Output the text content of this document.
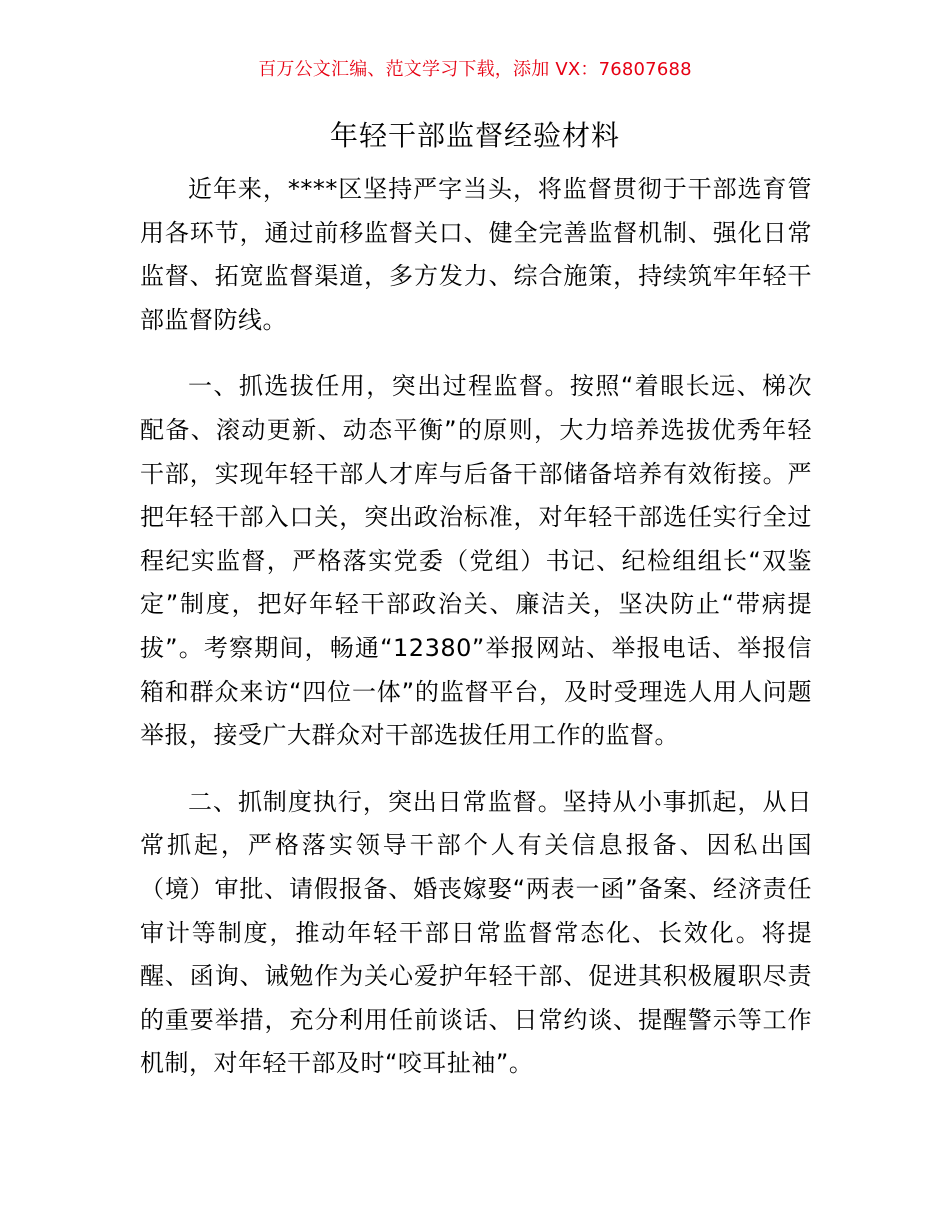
百万公文汇编、范文学习下载，添加 VX：76807688
年轻干部监督经验材料

近年来，****区坚持严字当头，将监督贯彻于干部选育管用各环节，通过前移监督关口、健全完善监督机制、强化日常监督、拓宽监督渠道，多方发力、综合施策，持续筑牢年轻干部监督防线。

一、抓选拔任用，突出过程监督。按照“着眼长远、梯次配备、滚动更新、动态平衡”的原则，大力培养选拔优秀年轻干部，实现年轻干部人才库与后备干部储备培养有效衔接。严把年轻干部入口关，突出政治标准，对年轻干部选任实行全过程纪实监督，严格落实党委（党组）书记、纪检组组长“双鉴定”制度，把好年轻干部政治关、廉洁关，坚决防止“带病提拔”。考察期间，畅通“12380”举报网站、举报电话、举报信箱和群众来访“四位一体”的监督平台，及时受理选人用人问题举报，接受广大群众对干部选拔任用工作的监督。

二、抓制度执行，突出日常监督。坚持从小事抓起，从日常抓起，严格落实领导干部个人有关信息报备、因私出国（境）审批、请假报备、婚丧嫁娶“两表一函”备案、经济责任审计等制度，推动年轻干部日常监督常态化、长效化。将提醒、函询、诫勉作为关心爱护年轻干部、促进其积极履职尽责的重要举措，充分利用任前谈话、日常约谈、提醒警示等工作机制，对年轻干部及时“咬耳扯袖”。
